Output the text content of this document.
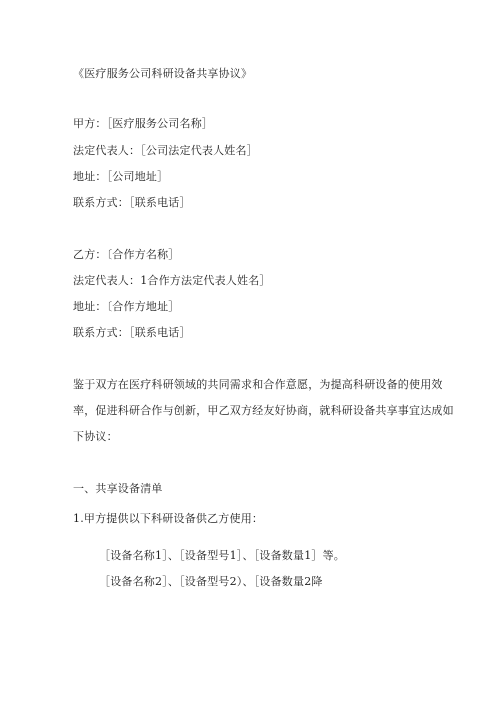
《医疗服务公司科研设备共享协议》
甲方：［医疗服务公司名称］
法定代表人：［公司法定代表人姓名］
地址：［公司地址］
联系方式：［联系电话］
乙方：〔合作方名称］
法定代表人：1合作方法定代表人姓名］
地址：〔合作方地址］
联系方式：［联系电话］
鉴于双方在医疗科研领域的共同需求和合作意愿，为提高科研设备的使用效
率，促进科研合作与创新，甲乙双方经友好协商，就科研设备共享事宜达成如
下协议：
一、共享设备清单
1.甲方提供以下科研设备供乙方使用：
［设备名称1］、［设备型号1］、［设备数量1］等。
［设备名称2］、［设备型号2）、［设备数量2降
